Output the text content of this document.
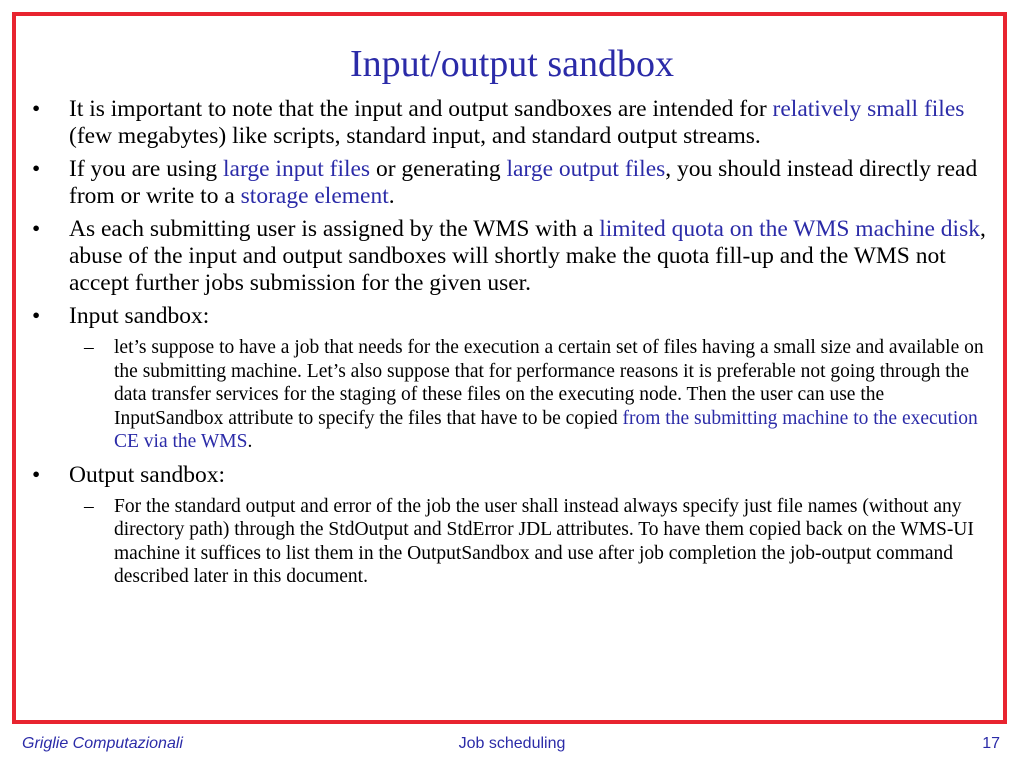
Input/output sandbox
•	It is important to note that the input and output sandboxes are intended for relatively small files (few megabytes) like scripts, standard input, and standard output streams.
•	If you are using large input files or generating large output files, you should instead directly read from or write to a storage element.
•	As each submitting user is assigned by the WMS with a limited quota on the WMS machine disk, abuse of the input and output sandboxes will shortly make the quota fill-up and the WMS not accept further jobs submission for the given user.
•	Input sandbox:
– let’s suppose to have a job that needs for the execution a certain set of files having a small size and available on the submitting machine. Let’s also suppose that for performance reasons it is preferable not going through the data transfer services for the staging of these files on the executing node. Then the user can use the InputSandbox attribute to specify the files that have to be copied from the submitting machine to the execution CE via the WMS.
•	Output sandbox:
– For the standard output and error of the job the user shall instead always specify just file names (without any directory path) through the StdOutput and StdError JDL attributes. To have them copied back on the WMS-UI machine it suffices to list them in the OutputSandbox and use after job completion the job-output command described later in this document.
Griglie Computazionali	Job scheduling	17
